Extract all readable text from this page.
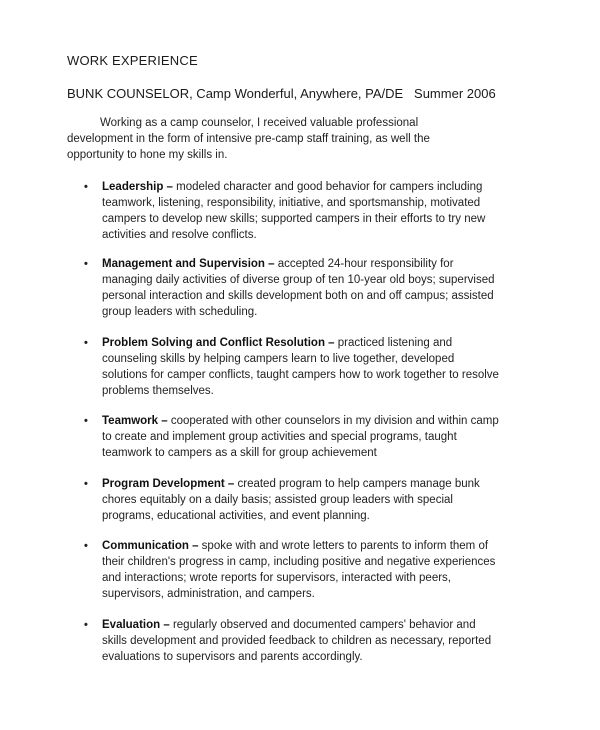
WORK EXPERIENCE
BUNK COUNSELOR, Camp Wonderful, Anywhere, PA/DE   Summer 2006

Working as a camp counselor, I received valuable professional development in the form of intensive pre-camp staff training, as well the opportunity to hone my skills in.

•	Leadership – modeled character and good behavior for campers including teamwork, listening, responsibility, initiative, and sportsmanship, motivated campers to develop new skills; supported campers in their efforts to try new activities and resolve conflicts.
•	Management and Supervision – accepted 24-hour responsibility for managing daily activities of diverse group of ten 10-year old boys; supervised personal interaction and skills development both on and off campus; assisted group leaders with scheduling.
•	Problem Solving and Conflict Resolution – practiced listening and counseling skills by helping campers learn to live together, developed solutions for camper conflicts, taught campers how to work together to resolve problems themselves.
•	Teamwork – cooperated with other counselors in my division and within camp to create and implement group activities and special programs, taught teamwork to campers as a skill for group achievement
•	Program Development – created program to help campers manage bunk chores equitably on a daily basis; assisted group leaders with special programs, educational activities, and event planning.
•	Communication – spoke with and wrote letters to parents to inform them of their children's progress in camp, including positive and negative experiences and interactions; wrote reports for supervisors, interacted with peers, supervisors, administration, and campers.
•	Evaluation – regularly observed and documented campers' behavior and skills development and provided feedback to children as necessary, reported evaluations to supervisors and parents accordingly.
